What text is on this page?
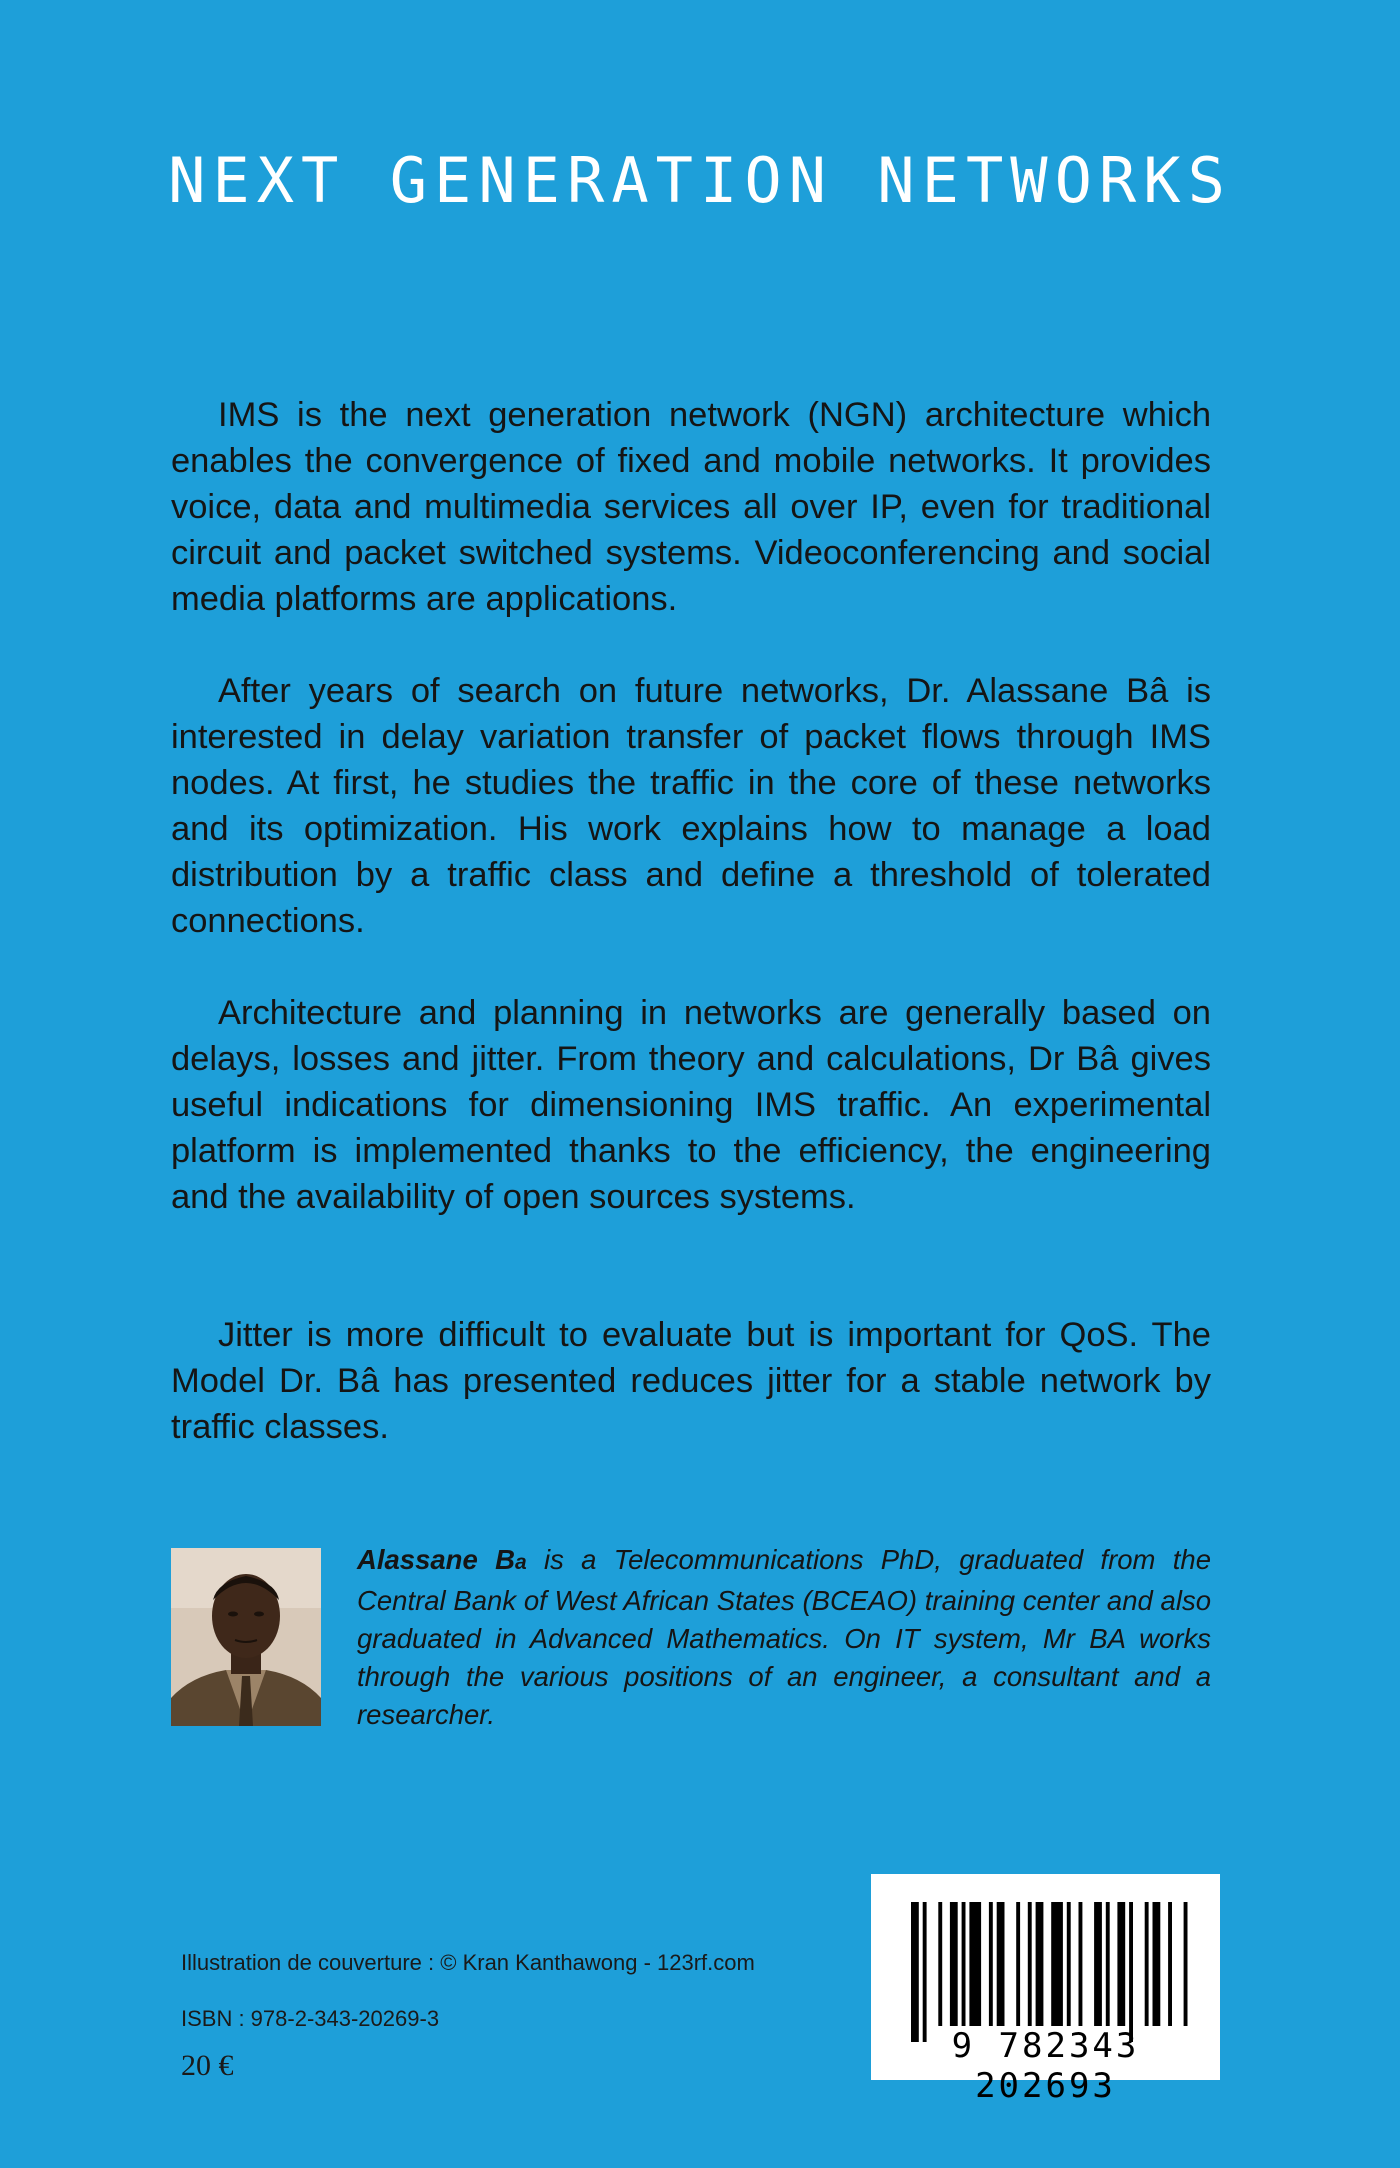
NEXT GENERATION NETWORKS

IMS is the next generation network (NGN) architecture which enables the convergence of fixed and mobile networks. It provides voice, data and multimedia services all over IP, even for traditional circuit and packet switched systems. Videoconferencing and social media platforms are applications.

After years of search on future networks, Dr. Alassane Bâ is interested in delay variation transfer of packet flows through IMS nodes. At first, he studies the traffic in the core of these networks and its optimization. His work explains how to manage a load distribution by a traffic class and define a threshold of tolerated connections.

Architecture and planning in networks are generally based on delays, losses and jitter. From theory and calculations, Dr Bâ gives useful indications for dimensioning IMS traffic. An experimental platform is implemented thanks to the efficiency, the engineering and the availability of open sources systems.

Jitter is more difficult to evaluate but is important for QoS. The Model Dr. Bâ has presented reduces jitter for a stable network by traffic classes.

Alassane Ba is a Telecommunications PhD, graduated from the Central Bank of West African States (BCEAO) training center and also graduated in Advanced Mathematics. On IT system, Mr BA works through the various positions of an engineer, a consultant and a researcher.
Illustration de couverture : © Kran Kanthawong - 123rf.com
ISBN : 978-2-343-20269-3
20 €	9 782343 202693
